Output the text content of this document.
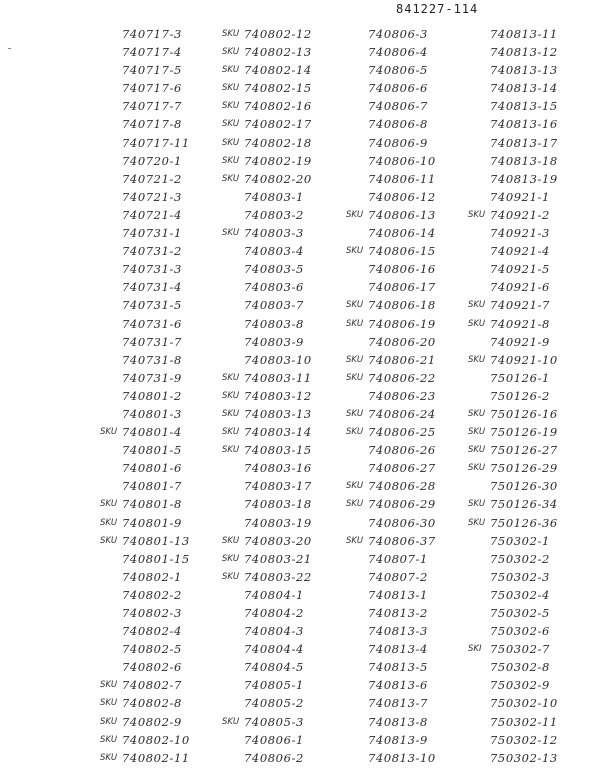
841227-114
740717-3
740717-4
740717-5
740717-6
740717-7
740717-8
740717-11
740720-1
740721-2
740721-3
740721-4
740731-1
740731-2
740731-3
740731-4
740731-5
740731-6
740731-7
740731-8
740731-9
740801-2
740801-3
SKU 740801-4
740801-5
740801-6
740801-7
SKU 740801-8
SKU 740801-9
SKU 740801-13
740801-15
740802-1
740802-2
740802-3
740802-4
740802-5
740802-6
SKU 740802-7
SKU 740802-8
SKU 740802-9
SKU 740802-10
SKU 740802-11
SKU 740802-12
SKU 740802-13
SKU 740802-14
SKU 740802-15
SKU 740802-16
SKU 740802-17
SKU 740802-18
SKU 740802-19
SKU 740802-20
740803-1
740803-2
SKU 740803-3
740803-4
740803-5
740803-6
740803-7
740803-8
740803-9
740803-10
SKU 740803-11
SKU 740803-12
SKU 740803-13
SKU 740803-14
SKU 740803-15
740803-16
740803-17
740803-18
740803-19
SKU 740803-20
SKU 740803-21
SKU 740803-22
740804-1
740804-2
740804-3
740804-4
740804-5
740805-1
740805-2
SKU 740805-3
740806-1
740806-2
740806-3
740806-4
740806-5
740806-6
740806-7
740806-8
740806-9
740806-10
740806-11
740806-12
SKU 740806-13
740806-14
SKU 740806-15
740806-16
740806-17
SKU 740806-18
SKU 740806-19
740806-20
SKU 740806-21
SKU 740806-22
740806-23
SKU 740806-24
SKU 740806-25
740806-26
740806-27
SKU 740806-28
SKU 740806-29
740806-30
SKU 740806-37
740807-1
740807-2
740813-1
740813-2
740813-3
740813-4
740813-5
740813-6
740813-7
740813-8
740813-9
740813-10
740813-11
740813-12
740813-13
740813-14
740813-15
740813-16
740813-17
740813-18
740813-19
740921-1
SKU 740921-2
740921-3
740921-4
740921-5
740921-6
SKU 740921-7
SKU 740921-8
740921-9
SKU 740921-10
750126-1
750126-2
SKU 750126-16
SKU 750126-19
SKU 750126-27
SKU 750126-29
750126-30
SKU 750126-34
SKU 750126-36
750302-1
750302-2
750302-3
750302-4
750302-5
750302-6
SKI 750302-7
750302-8
750302-9
750302-10
750302-11
750302-12
750302-13
